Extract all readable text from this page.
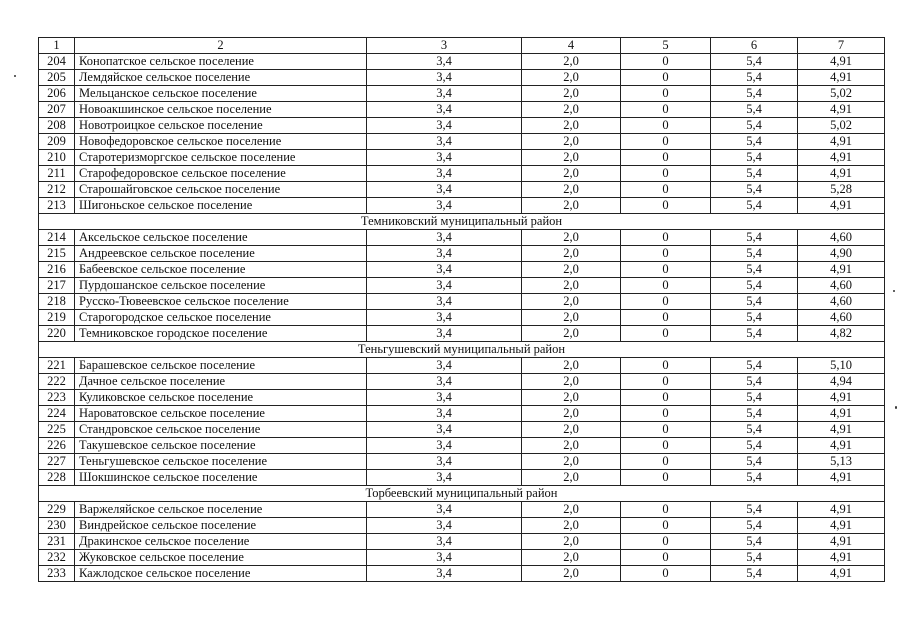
1	2	3	4	5	6	7
204	Конопатское сельское поселение	3,4	2,0	0	5,4	4,91
205	Лемдяйское сельское поселение	3,4	2,0	0	5,4	4,91
206	Мельцанское сельское поселение	3,4	2,0	0	5,4	5,02
207	Новоакшинское сельское поселение	3,4	2,0	0	5,4	4,91
208	Новотроицкое сельское поселение	3,4	2,0	0	5,4	5,02
209	Новофедоровское сельское поселение	3,4	2,0	0	5,4	4,91
210	Старотеризморгское сельское поселение	3,4	2,0	0	5,4	4,91
211	Старофедоровское сельское поселение	3,4	2,0	0	5,4	4,91
212	Старошайговское сельское поселение	3,4	2,0	0	5,4	5,28
213	Шигоньское сельское поселение	3,4	2,0	0	5,4	4,91
Темниковский муниципальный район						
214	Аксельское сельское поселение	3,4	2,0	0	5,4	4,60
215	Андреевское сельское поселение	3,4	2,0	0	5,4	4,90
216	Бабеевское сельское поселение	3,4	2,0	0	5,4	4,91
217	Пурдошанское сельское поселение	3,4	2,0	0	5,4	4,60
218	Русско-Тювеевское сельское поселение	3,4	2,0	0	5,4	4,60
219	Старогородское сельское поселение	3,4	2,0	0	5,4	4,60
220	Темниковское городское поселение	3,4	2,0	0	5,4	4,82
Теньгушевский муниципальный район						
221	Барашевское сельское поселение	3,4	2,0	0	5,4	5,10
222	Дачное сельское поселение	3,4	2,0	0	5,4	4,94
223	Куликовское сельское поселение	3,4	2,0	0	5,4	4,91
224	Нароватовское сельское поселение	3,4	2,0	0	5,4	4,91
225	Стандровское сельское поселение	3,4	2,0	0	5,4	4,91
226	Такушевское сельское поселение	3,4	2,0	0	5,4	4,91
227	Теньгушевское сельское поселение	3,4	2,0	0	5,4	5,13
228	Шокшинское сельское поселение	3,4	2,0	0	5,4	4,91
Торбеевский муниципальный район						
229	Варжеляйское сельское поселение	3,4	2,0	0	5,4	4,91
230	Виндрейское сельское поселение	3,4	2,0	0	5,4	4,91
231	Дракинское сельское поселение	3,4	2,0	0	5,4	4,91
232	Жуковское сельское поселение	3,4	2,0	0	5,4	4,91
233	Кажлодское сельское поселение	3,4	2,0	0	5,4	4,91
